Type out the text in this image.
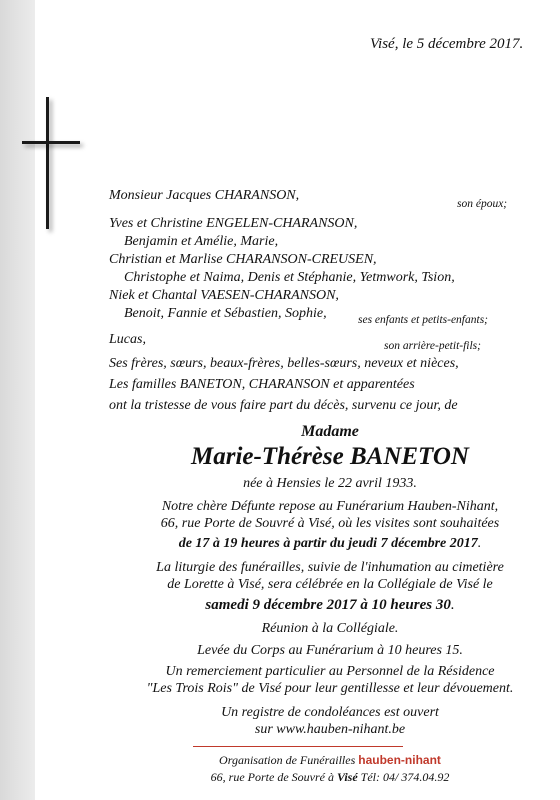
Visé, le 5 décembre 2017.
Monsieur Jacques CHARANSON,
son époux;
Yves et Christine ENGELEN-CHARANSON,
Benjamin et Amélie, Marie,
Christian et Marlise CHARANSON-CREUSEN,
Christophe et Naima, Denis et Stéphanie, Yetmwork, Tsion,
Niek et Chantal VAESEN-CHARANSON,
Benoit, Fannie et Sébastien, Sophie,	ses enfants et petits-enfants;
Lucas,	son arrière-petit-fils;
Ses frères, sœurs, beaux-frères, belles-sœurs, neveux et nièces,
Les familles BANETON, CHARANSON et apparentées
ont la tristesse de vous faire part du décès, survenu ce jour, de
Madame
Marie-Thérèse BANETON
née à Hensies le 22 avril 1933.
Notre chère Défunte repose au Funérarium Hauben-Nihant,
66, rue Porte de Souvré à Visé, où les visites sont souhaitées
de 17 à 19 heures à partir du jeudi 7 décembre 2017.
La liturgie des funérailles, suivie de l'inhumation au cimetière
de Lorette à Visé, sera célébrée en la Collégiale de Visé le
samedi 9 décembre 2017 à 10 heures 30.
Réunion à la Collégiale.
Levée du Corps au Funérarium à 10 heures 15.
Un remerciement particulier au Personnel de la Résidence
"Les Trois Rois" de Visé pour leur gentillesse et leur dévouement.
Un registre de condoléances est ouvert
sur www.hauben-nihant.be
Organisation de Funérailles hauben-nihant
66, rue Porte de Souvré à Visé Tél: 04/ 374.04.92
